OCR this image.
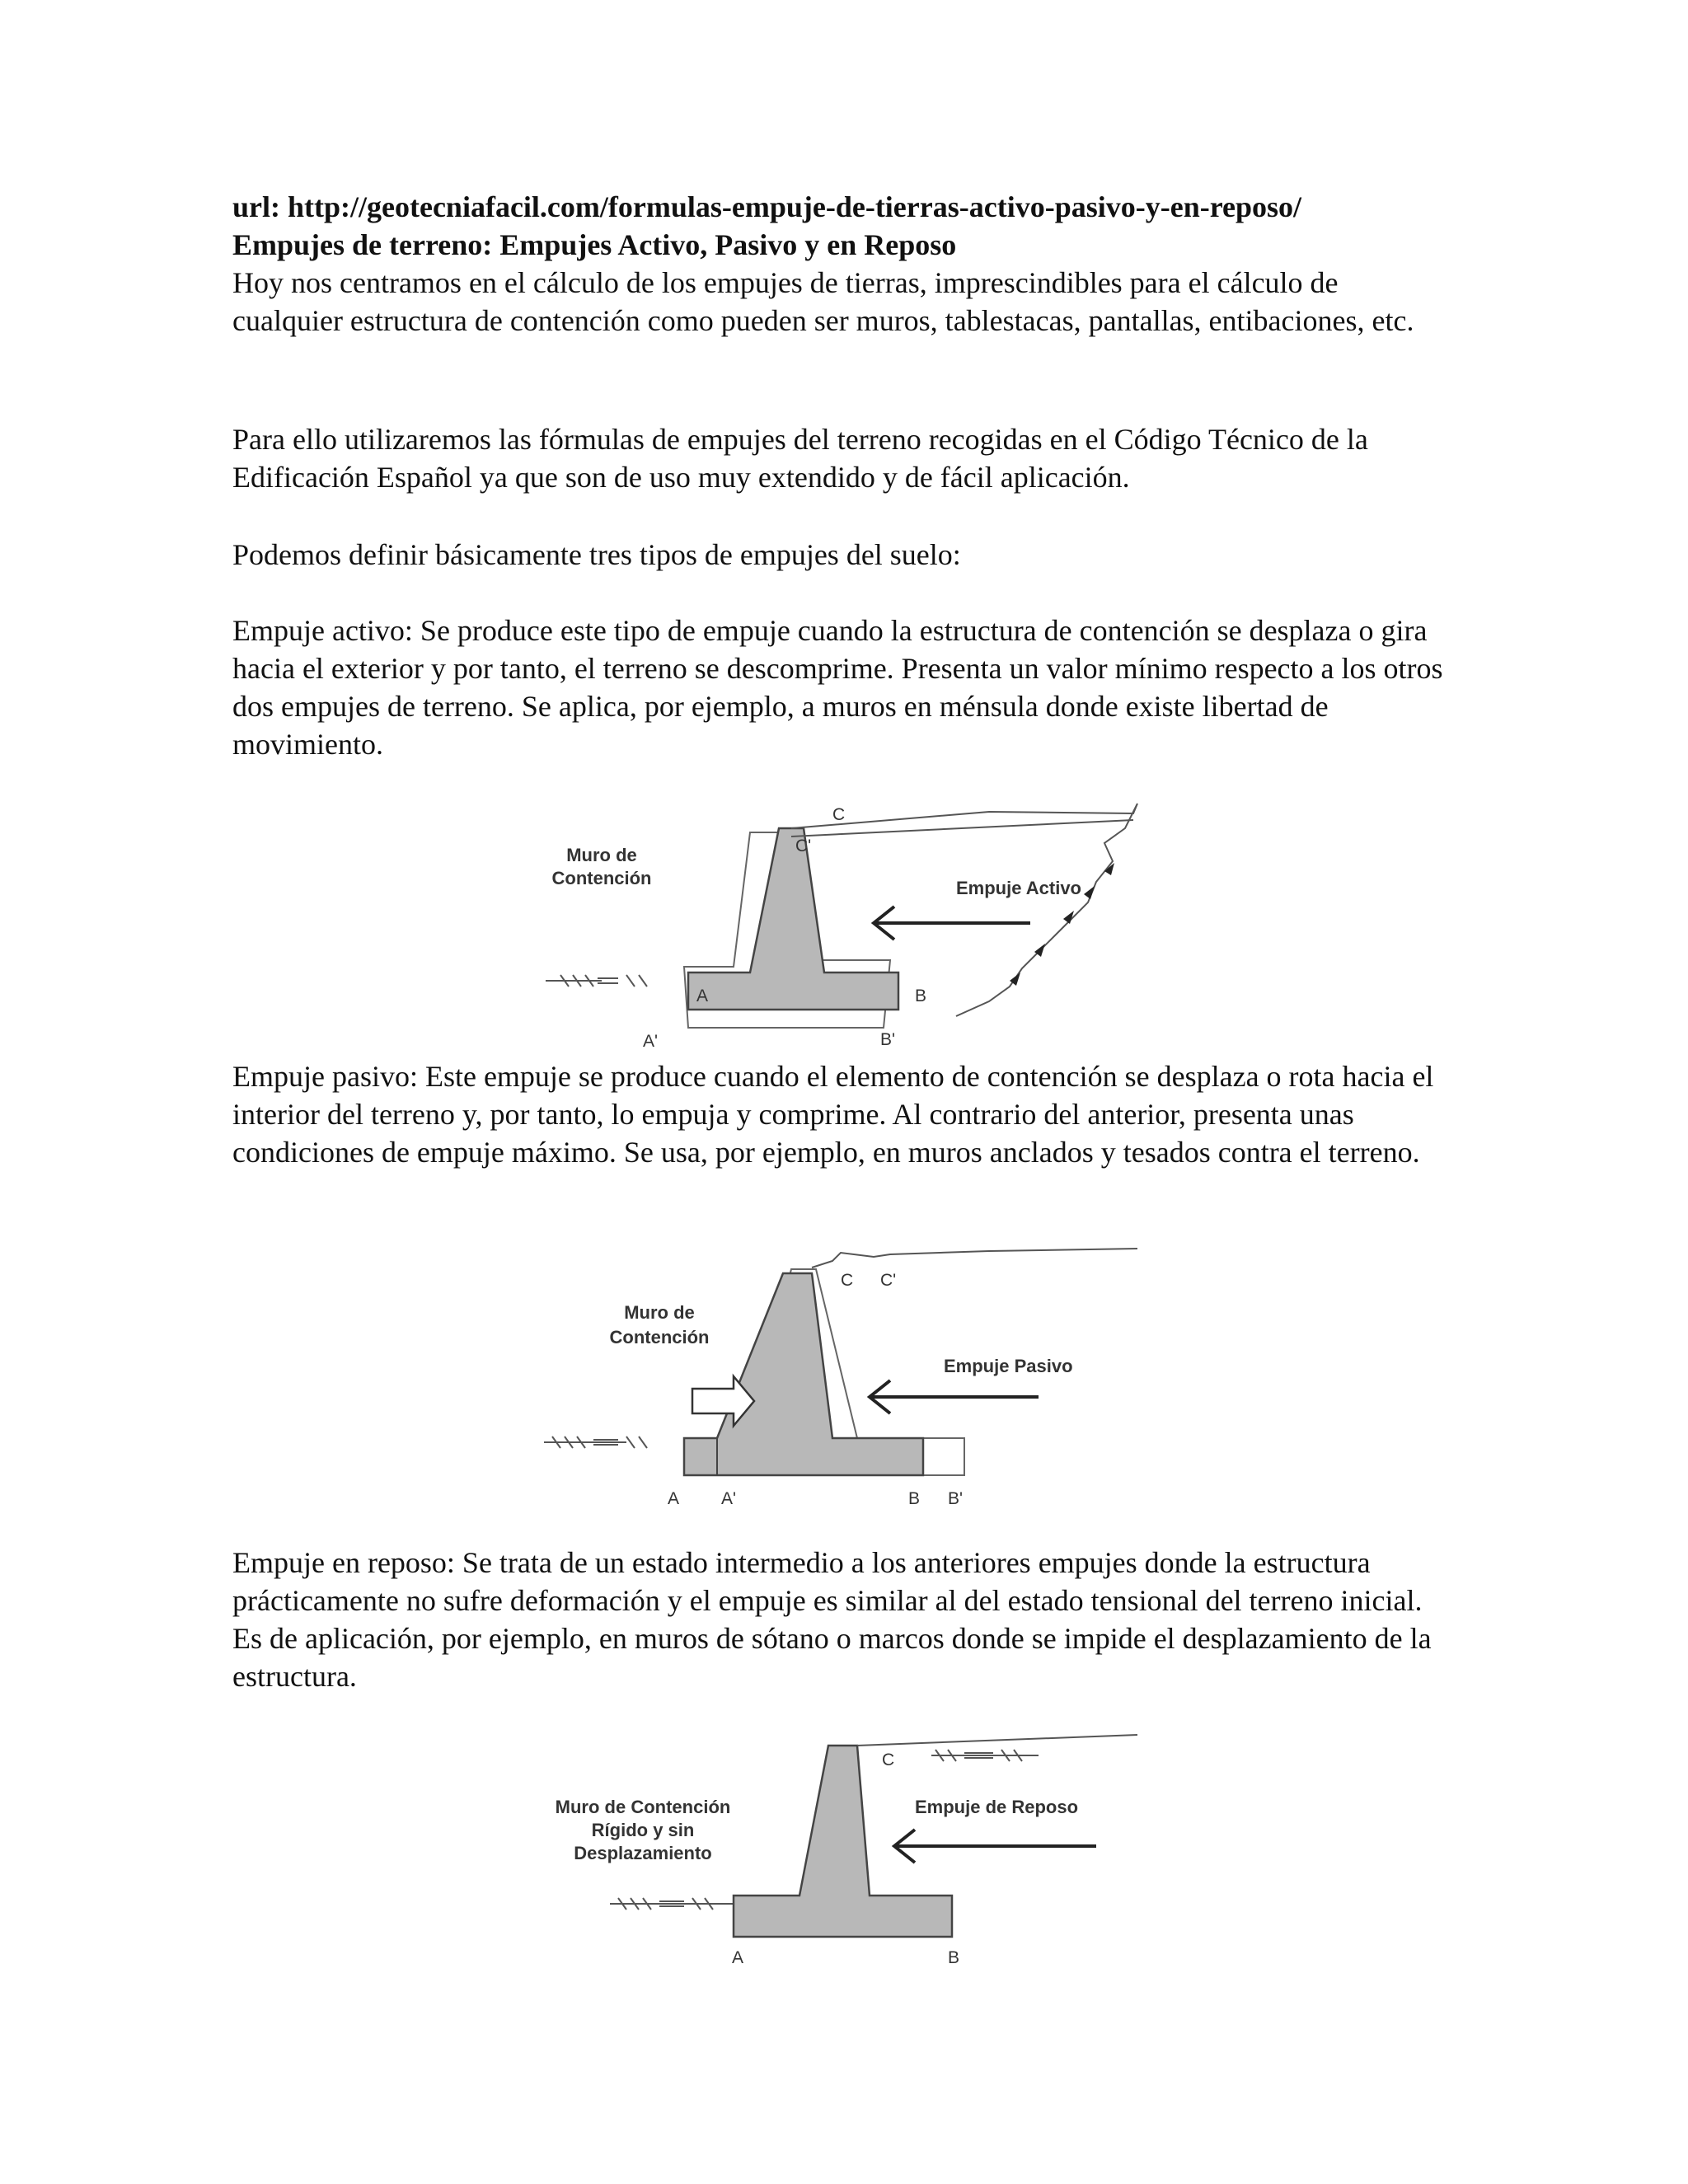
url: http://geotecniafacil.com/formulas-empuje-de-tierras-activo-pasivo-y-en-reposo/
Empujes de terreno: Empujes Activo, Pasivo y en Reposo

Hoy nos centramos en el cálculo de los empujes de tierras, imprescindibles para el cálculo de cualquier estructura de contención como pueden ser muros, tablestacas, pantallas, entibaciones, etc.

Para ello utilizaremos las fórmulas de empujes del terreno recogidas en el Código Técnico de la Edificación Español ya que son de uso muy extendido y de fácil aplicación.

Podemos definir básicamente tres tipos de empujes del suelo:

Empuje activo: Se produce este tipo de empuje cuando la estructura de contención se desplaza o gira hacia el exterior y por tanto, el terreno se descomprime. Presenta un valor mínimo respecto a los otros dos empujes de terreno. Se aplica, por ejemplo, a muros en ménsula donde existe libertad de movimiento.

Muro de
Contención	Empuje Activo
A
A'
B
B'
C
C'

Empuje pasivo: Este empuje se produce cuando el elemento de contención se desplaza o rota hacia el interior del terreno y, por tanto, lo empuja y comprime. Al contrario del anterior, presenta unas condiciones de empuje máximo. Se usa, por ejemplo, en muros anclados y tesados contra el terreno.

Muro de
Contención
Empuje Pasivo
A A'	B B'
C C'

Empuje en reposo: Se trata de un estado intermedio a los anteriores empujes donde la estructura prácticamente no sufre deformación y el empuje es similar al del estado tensional del terreno inicial. Es de aplicación, por ejemplo, en muros de sótano o marcos donde se impide el desplazamiento de la estructura.

Muro de Contención
Rígido y sin
Desplazamiento
Empuje de Reposo
A	B
C
